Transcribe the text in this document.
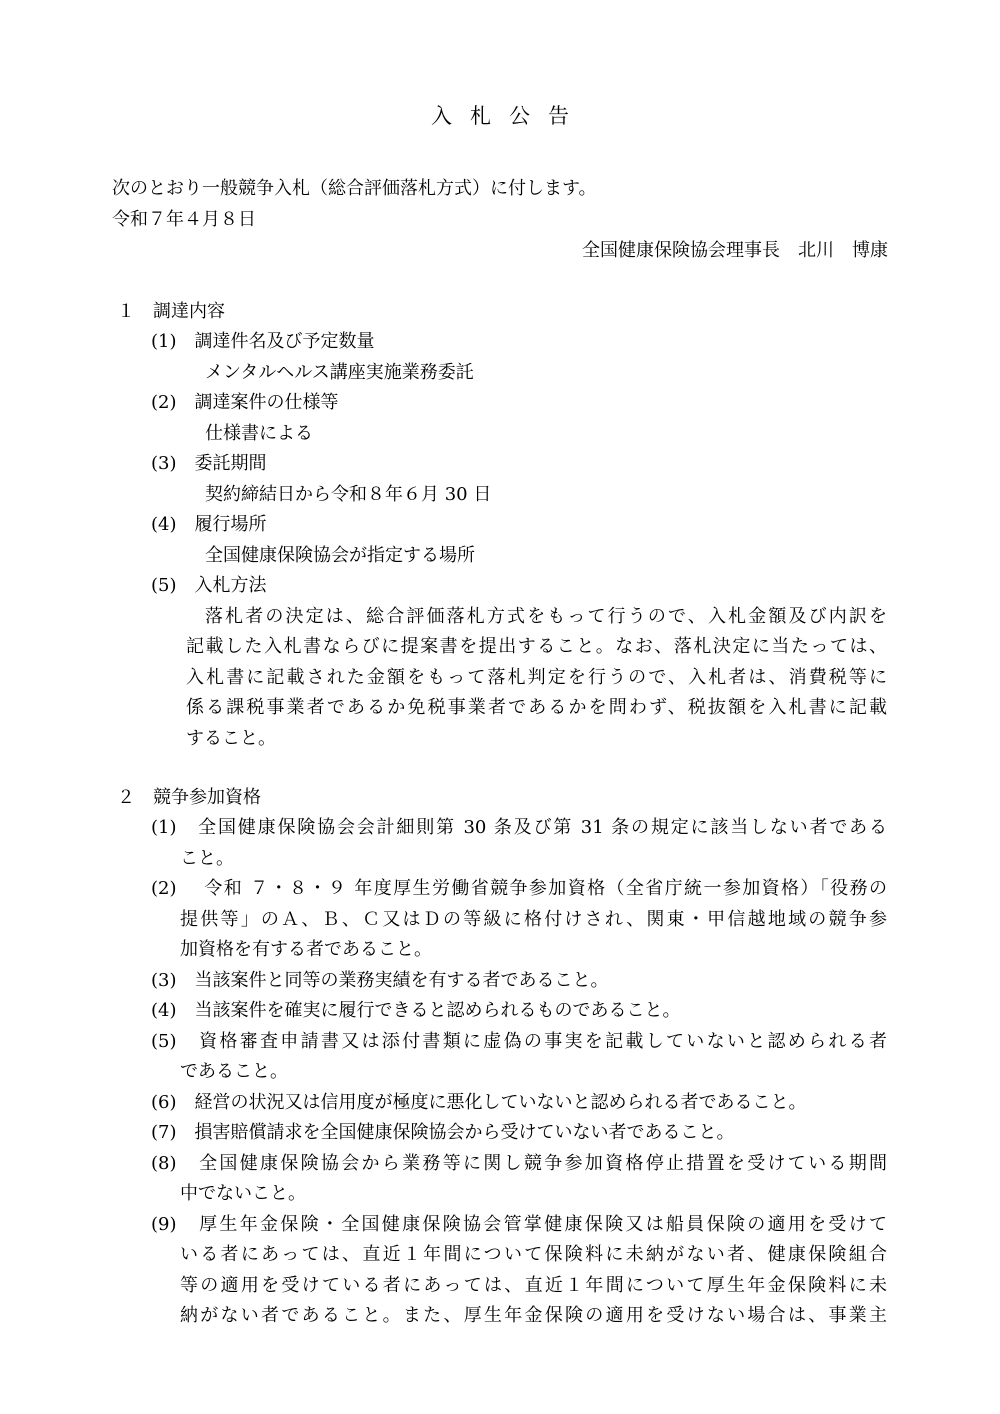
入札公告

次のとおり一般競争入札（総合評価落札方式）に付します。

令和７年４月８日

全国健康保険協会理事長　北川　博康

１　調達内容

(1)　調達件名及び予定数量

メンタルヘルス講座実施業務委託

(2)　調達案件の仕様等

仕様書による

(3)　委託期間

契約締結日から令和８年６月 30 日

(4)　履行場所

全国健康保険協会が指定する場所

(5)　入札方法

落札者の決定は、総合評価落札方式をもって行うので、入札金額及び内訳を

記載した入札書ならびに提案書を提出すること。なお、落札決定に当たっては、

入札書に記載された金額をもって落札判定を行うので、入札者は、消費税等に

係る課税事業者であるか免税事業者であるかを問わず、税抜額を入札書に記載

すること。

２　競争参加資格

(1)　全国健康保険協会会計細則第 30 条及び第 31 条の規定に該当しない者である

こと。

(2)　 令和 ７・８・９ 年度厚生労働省競争参加資格（全省庁統一参加資格）「役務の

提供等」のＡ、Ｂ、Ｃ又はＤの等級に格付けされ、関東・甲信越地域の競争参

加資格を有する者であること。

(3)　当該案件と同等の業務実績を有する者であること。

(4)　当該案件を確実に履行できると認められるものであること。

(5)　資格審査申請書又は添付書類に虚偽の事実を記載していないと認められる者

であること。

(6)　経営の状況又は信用度が極度に悪化していないと認められる者であること。

(7)　損害賠償請求を全国健康保険協会から受けていない者であること。

(8)　全国健康保険協会から業務等に関し競争参加資格停止措置を受けている期間

中でないこと。

(9)　厚生年金保険・全国健康保険協会管掌健康保険又は船員保険の適用を受けて

いる者にあっては、直近１年間について保険料に未納がない者、健康保険組合

等の適用を受けている者にあっては、直近１年間について厚生年金保険料に未

納がない者であること。また、厚生年金保険の適用を受けない場合は、事業主
